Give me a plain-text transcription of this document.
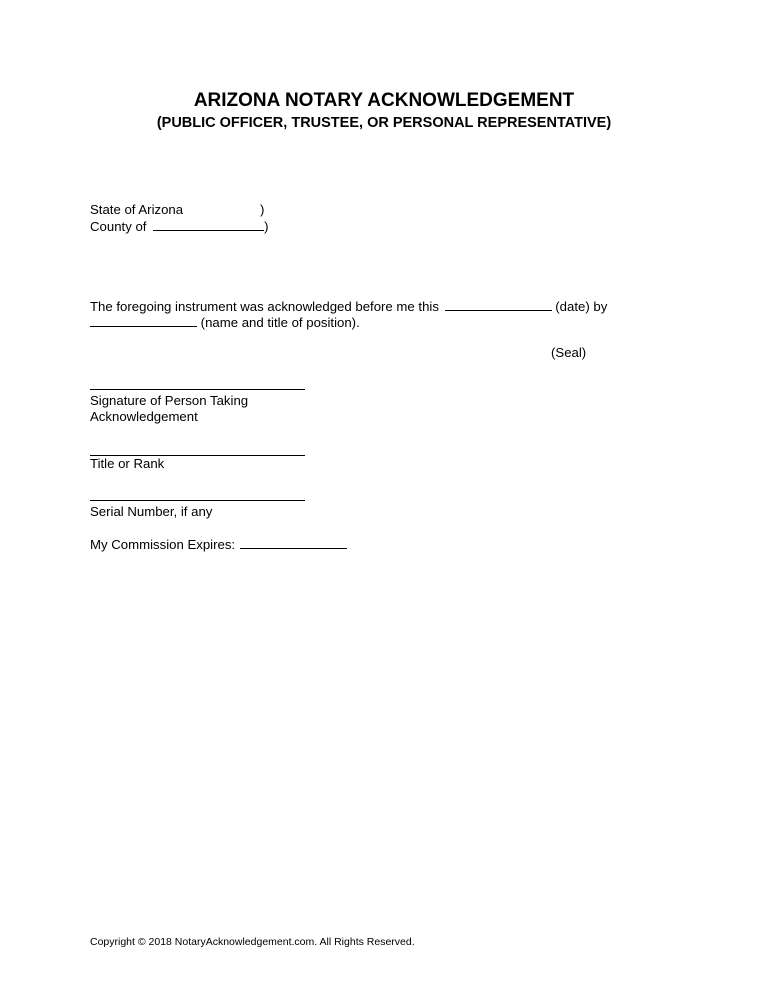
ARIZONA NOTARY ACKNOWLEDGEMENT
(PUBLIC OFFICER, TRUSTEE, OR PERSONAL REPRESENTATIVE)
State of Arizona	)
County of	)
The foregoing instrument was acknowledged before me this	(date) by
(name and title of position).
(Seal)
Signature of Person Taking
Acknowledgement
Title or Rank
Serial Number, if any
My Commission Expires:
Copyright © 2018 NotaryAcknowledgement.com. All Rights Reserved.
